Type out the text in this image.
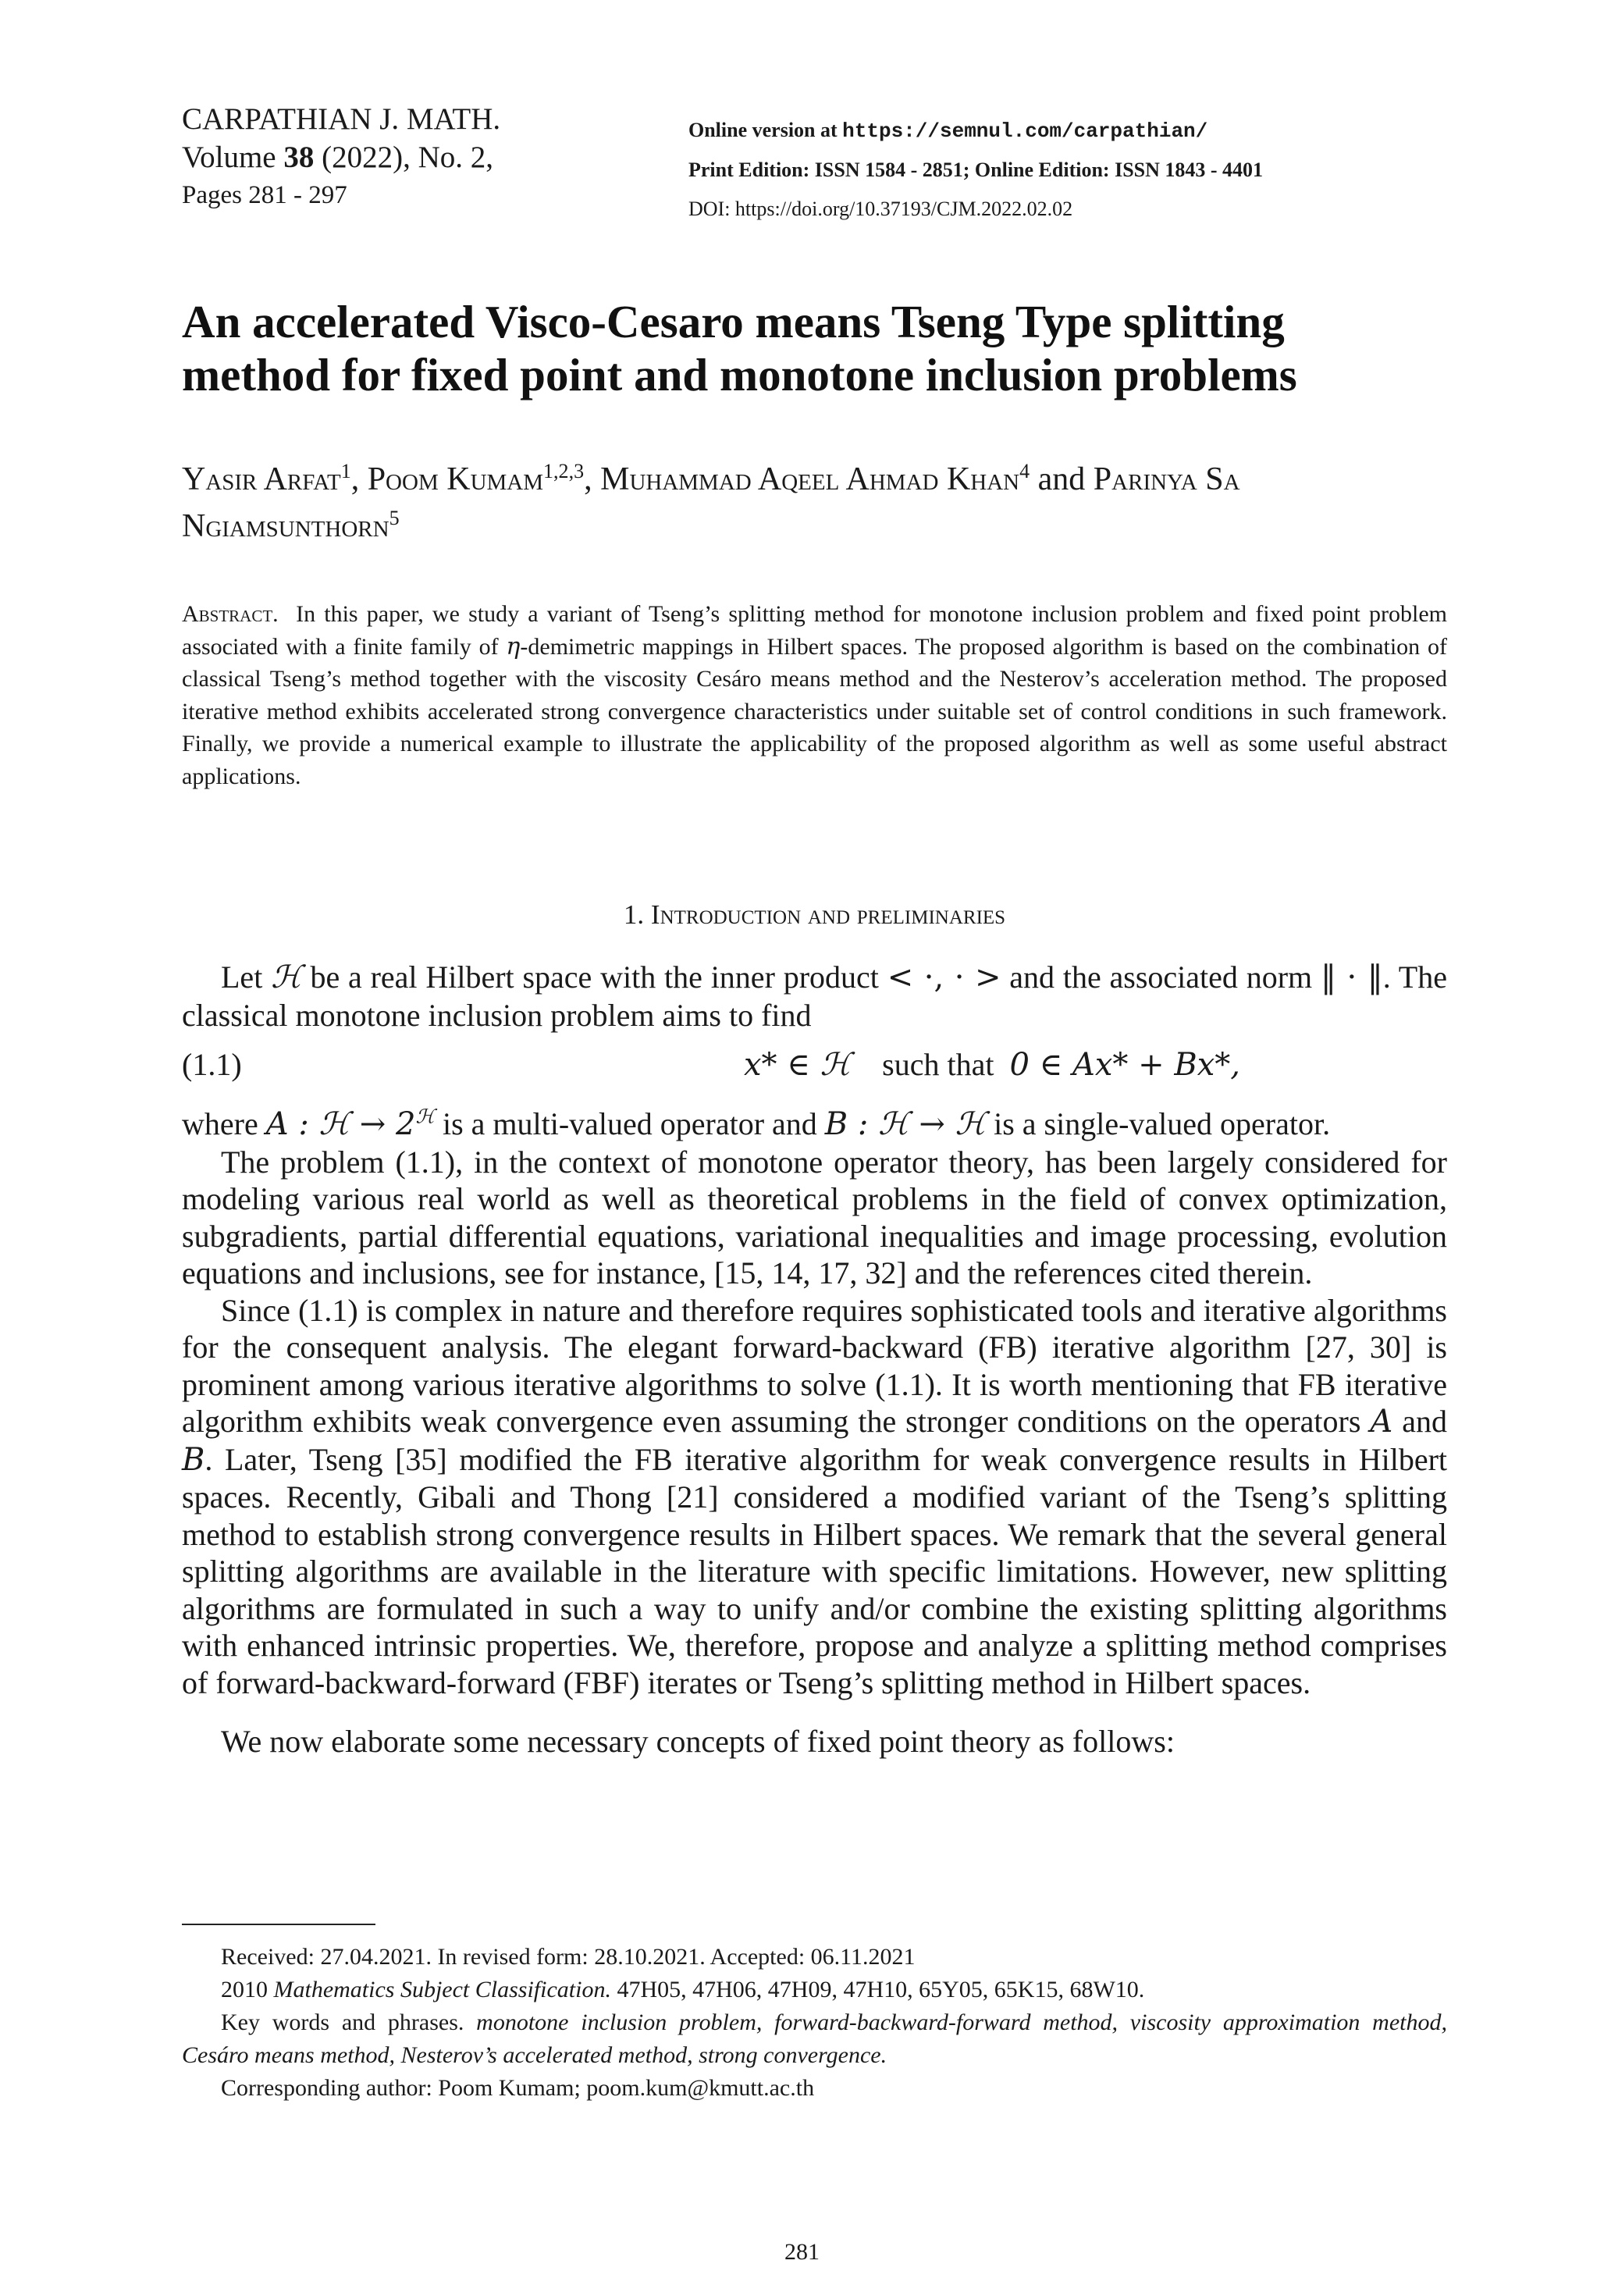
CARPATHIAN J. MATH.
Volume 38 (2022), No. 2,
Pages 281 - 297
Online version at https://semnul.com/carpathian/
Print Edition: ISSN 1584 - 2851; Online Edition: ISSN 1843 - 4401
DOI: https://doi.org/10.37193/CJM.2022.02.02
An accelerated Visco-Cesaro means Tseng Type splitting
method for fixed point and monotone inclusion problems
Yasir Arfat$^1$, Poom Kumam$^{1,2,3}$, Muhammad Aqeel Ahmad Khan$^4$ and Parinya Sa Ngiamsunthorn$^5$
Abstract. In this paper, we study a variant of Tseng’s splitting method for monotone inclusion problem and fixed point problem associated with a finite family of η-demimetric mappings in Hilbert spaces. The proposed algorithm is based on the combination of classical Tseng’s method together with the viscosity Cesáro means method and the Nesterov’s acceleration method. The proposed iterative method exhibits accelerated strong convergence characteristics under suitable set of control conditions in such framework. Finally, we provide a numerical example to illustrate the applicability of the proposed algorithm as well as some useful abstract applications.
1. Introduction and preliminaries

Let ℋ be a real Hilbert space with the inner product < ·, · > and the associated norm ‖ · ‖. The classical monotone inclusion problem aims to find

(1.1)	x* ∈ ℋ such that 0 ∈ Ax* + Bx*,

where A : ℋ → $2^ℋ$ is a multi-valued operator and B : ℋ → ℋ is a single-valued operator.

The problem (1.1), in the context of monotone operator theory, has been largely considered for modeling various real world as well as theoretical problems in the field of convex optimization, subgradients, partial differential equations, variational inequalities and image processing, evolution equations and inclusions, see for instance, [15, 14, 17, 32] and the references cited therein.

Since (1.1) is complex in nature and therefore requires sophisticated tools and iterative algorithms for the consequent analysis. The elegant forward-backward (FB) iterative algorithm [27, 30] is prominent among various iterative algorithms to solve (1.1). It is worth mentioning that FB iterative algorithm exhibits weak convergence even assuming the stronger conditions on the operators A and B. Later, Tseng [35] modified the FB iterative algorithm for weak convergence results in Hilbert spaces. Recently, Gibali and Thong [21] considered a modified variant of the Tseng’s splitting method to establish strong convergence results in Hilbert spaces. We remark that the several general splitting algorithms are available in the literature with specific limitations. However, new splitting algorithms are formulated in such a way to unify and/or combine the existing splitting algorithms with enhanced intrinsic properties. We, therefore, propose and analyze a splitting method comprises of forward-backward-forward (FBF) iterates or Tseng’s splitting method in Hilbert spaces.

We now elaborate some necessary concepts of fixed point theory as follows:

Received: 27.04.2021. In revised form: 28.10.2021. Accepted: 06.11.2021

2010 Mathematics Subject Classification. 47H05, 47H06, 47H09, 47H10, 65Y05, 65K15, 68W10.

Key words and phrases. monotone inclusion problem, forward-backward-forward method, viscosity approximation method, Cesáro means method, Nesterov’s accelerated method, strong convergence.

Corresponding author: Poom Kumam; poom.kum@kmutt.ac.th

281
